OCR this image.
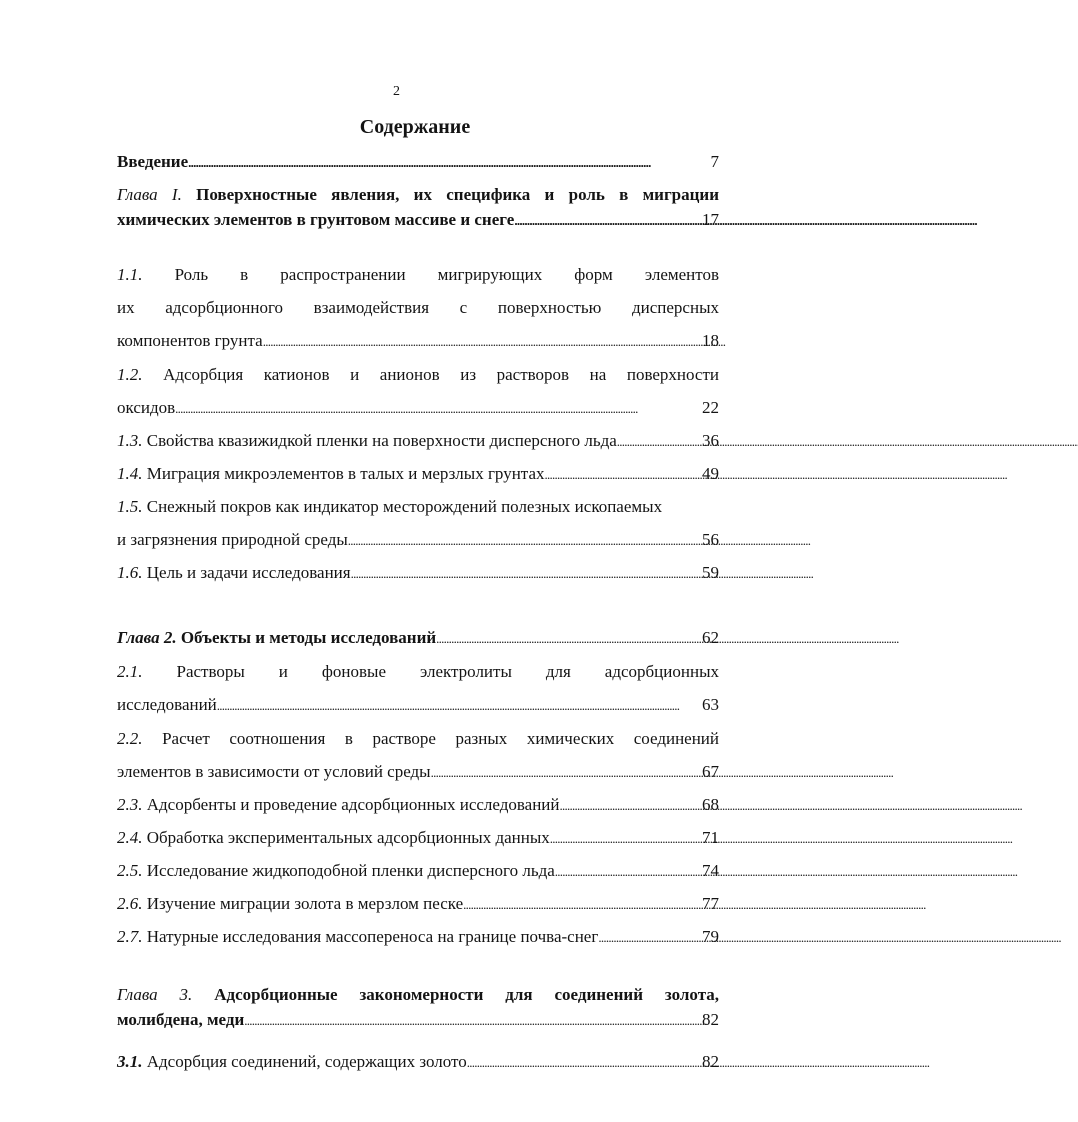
2
Содержание
Введение . . .	7
Глава I. Поверхностные явления, их специфика и роль в миграции
химических элементов в грунтовом массиве и снеге . . .	17
1.1. Роль в распространении мигрирующих форм элементов
их адсорбционного взаимодействия с поверхностью дисперсных
компонентов грунта . . .	18
1.2. Адсорбция катионов и анионов из растворов на поверхности
оксидов . . .	22
1.3. Свойства квазижидкой пленки на поверхности дисперсного льда . . .	36
1.4. Миграция микроэлементов в талых и мерзлых грунтах . . .	49
1.5. Снежный покров как индикатор месторождений полезных ископаемых
и загрязнения природной среды . . .	56
1.6. Цель и задачи исследования . . .	59
Глава 2. Объекты и методы исследований . . .	62
2.1. Растворы и фоновые электролиты для адсорбционных
исследований . . .	63
2.2. Расчет соотношения в растворе разных химических соединений
элементов в зависимости от условий среды . . .	67
2.3. Адсорбенты и проведение адсорбционных исследований . . .	68
2.4. Обработка экспериментальных адсорбционных данных . . .	71
2.5. Исследование жидкоподобной пленки дисперсного льда . . .	74
2.6. Изучение миграции золота в мерзлом песке . . .	77
2.7. Натурные исследования массопереноса на границе почва-снег . . .	79
Глава 3. Адсорбционные закономерности для соединений золота,
молибдена, меди . . .	82
3.1. Адсорбция соединений, содержащих золото . . .	82
